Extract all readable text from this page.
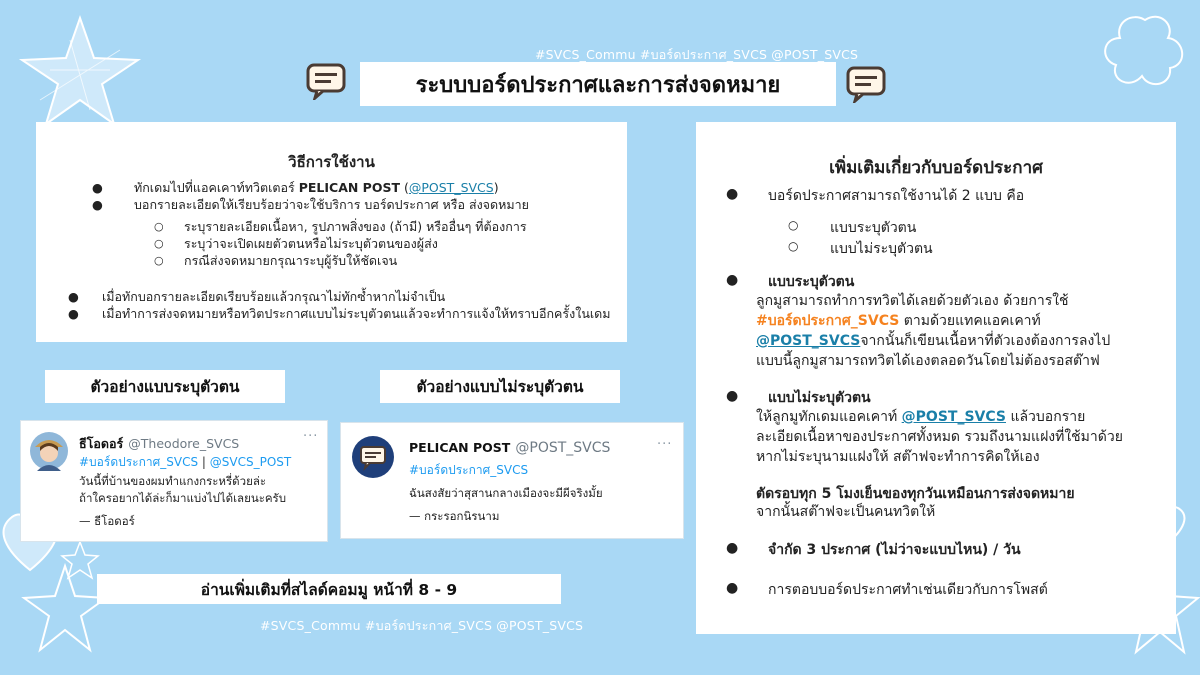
#SVCS_Commu #บอร์ดประกาศ_SVCS @POST_SVCS
ระบบบอร์ดประกาศและการส่งจดหมาย
วิธีการใช้งาน
● ทักเดมไปที่แอคเคาท์ทวิตเตอร์ PELICAN POST (@POST_SVCS)
● บอกรายละเอียดให้เรียบร้อยว่าจะใช้บริการ บอร์ดประกาศ หรือ ส่งจดหมาย
○ ระบุรายละเอียดเนื้อหา, รูปภาพสิ่งของ (ถ้ามี) หรืออื่นๆ ที่ต้องการ
○ ระบุว่าจะเปิดเผยตัวตนหรือไม่ระบุตัวตนของผู้ส่ง
○ กรณีส่งจดหมายกรุณาระบุผู้รับให้ชัดเจน
● เมื่อทักบอกรายละเอียดเรียบร้อยแล้วกรุณาไม่ทักซ้ำหากไม่จำเป็น
● เมื่อทำการส่งจดหมายหรือทวิตประกาศแบบไม่ระบุตัวตนแล้วจะทำการแจ้งให้ทราบอีกครั้งในเดม
ตัวอย่างแบบระบุตัวตน	ตัวอย่างแบบไม่ระบุตัวตน
ธีโอดอร์ @Theodore_SVCS	···
#บอร์ดประกาศ_SVCS | @SVCS_POST
วันนี้ที่บ้านของผมทำแกงกระหรี่ด้วยล่ะ
ถ้าใครอยากได้ล่ะก็มาแบ่งไปได้เลยนะครับ
— ธีโอดอร์
PELICAN POST @POST_SVCS	···
#บอร์ดประกาศ_SVCS
ฉันสงสัยว่าสุสานกลางเมืองจะมีผีจริงมั้ย
— กระรอกนิรนาม
อ่านเพิ่มเติมที่สไลด์คอมมู หน้าที่ 8 - 9
#SVCS_Commu #บอร์ดประกาศ_SVCS @POST_SVCS
เพิ่มเติมเกี่ยวกับบอร์ดประกาศ
● บอร์ดประกาศสามารถใช้งานได้ 2 แบบ คือ
○ แบบระบุตัวตน
○ แบบไม่ระบุตัวตน
● แบบระบุตัวตน
ลูกมูสามารถทำการทวิตได้เลยด้วยตัวเอง ด้วยการใช้
#บอร์ดประกาศ_SVCS ตามด้วยแทคแอคเคาท์
@POST_SVCSจากนั้นก็เขียนเนื้อหาที่ตัวเองต้องการลงไป
แบบนี้ลูกมูสามารถทวิตได้เองตลอดวันโดยไม่ต้องรอสต๊าฟ
● แบบไม่ระบุตัวตน
ให้ลูกมูทักเดมแอคเคาท์ @POST_SVCS แล้วบอกราย
ละเอียดเนื้อหาของประกาศทั้งหมด รวมถึงนามแฝงที่ใช้มาด้วย
หากไม่ระบุนามแฝงให้ สต๊าฟจะทำการคิดให้เอง
ตัดรอบทุก 5 โมงเย็นของทุกวันเหมือนการส่งจดหมาย
จากนั้นสต๊าฟจะเป็นคนทวิตให้
● จำกัด 3 ประกาศ (ไม่ว่าจะแบบไหน) / วัน
● การตอบบอร์ดประกาศทำเช่นเดียวกับการโพสต์
